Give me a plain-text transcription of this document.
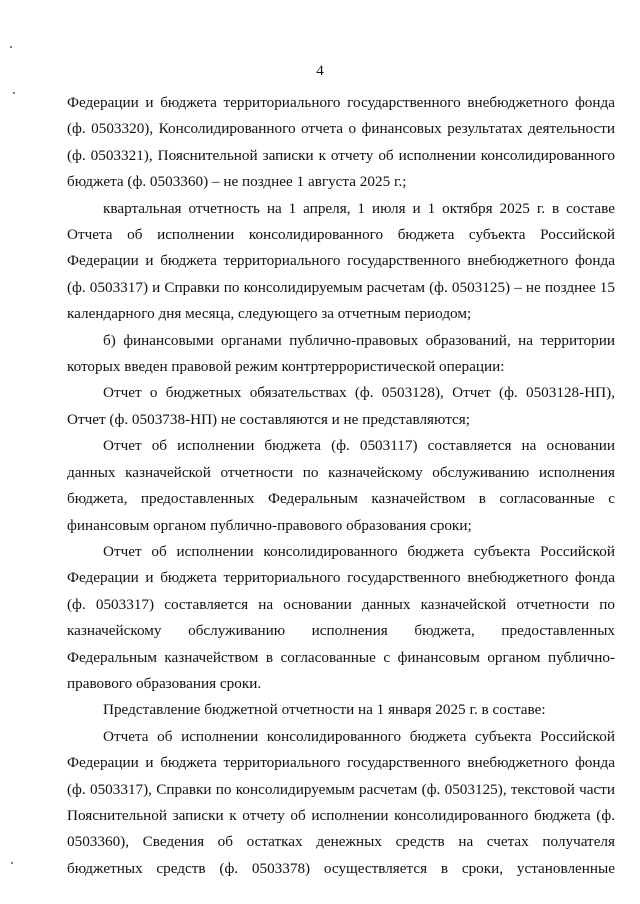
4

Федерации и бюджета территориального государственного внебюджетного фонда (ф. 0503320), Консолидированного отчета о финансовых результатах деятельности (ф. 0503321), Пояснительной записки к отчету об исполнении консолидированного бюджета (ф. 0503360) – не позднее 1 августа 2025 г.;

квартальная отчетность на 1 апреля, 1 июля и 1 октября 2025 г. в составе Отчета об исполнении консолидированного бюджета субъекта Российской Федерации и бюджета территориального государственного внебюджетного фонда (ф. 0503317) и Справки по консолидируемым расчетам (ф. 0503125) – не позднее 15 календарного дня месяца, следующего за отчетным периодом;

б) финансовыми органами публично-правовых образований, на территории которых введен правовой режим контртеррористической операции:

Отчет о бюджетных обязательствах (ф. 0503128), Отчет (ф. 0503128-НП), Отчет (ф. 0503738-НП) не составляются и не представляются;

Отчет об исполнении бюджета (ф. 0503117) составляется на основании данных казначейской отчетности по казначейскому обслуживанию исполнения бюджета, предоставленных Федеральным казначейством в согласованные с финансовым органом публично-правового образования сроки;

Отчет об исполнении консолидированного бюджета субъекта Российской Федерации и бюджета территориального государственного внебюджетного фонда (ф. 0503317) составляется на основании данных казначейской отчетности по казначейскому обслуживанию исполнения бюджета, предоставленных Федеральным казначейством в согласованные с финансовым органом публично-правового образования сроки.

Представление бюджетной отчетности на 1 января 2025 г. в составе:

Отчета об исполнении консолидированного бюджета субъекта Российской Федерации и бюджета территориального государственного внебюджетного фонда (ф. 0503317), Справки по консолидируемым расчетам (ф. 0503125), текстовой части Пояснительной записки к отчету об исполнении консолидированного бюджета (ф. 0503360), Сведения об остатках денежных средств на счетах получателя бюджетных средств (ф. 0503378) осуществляется в сроки, установленные
